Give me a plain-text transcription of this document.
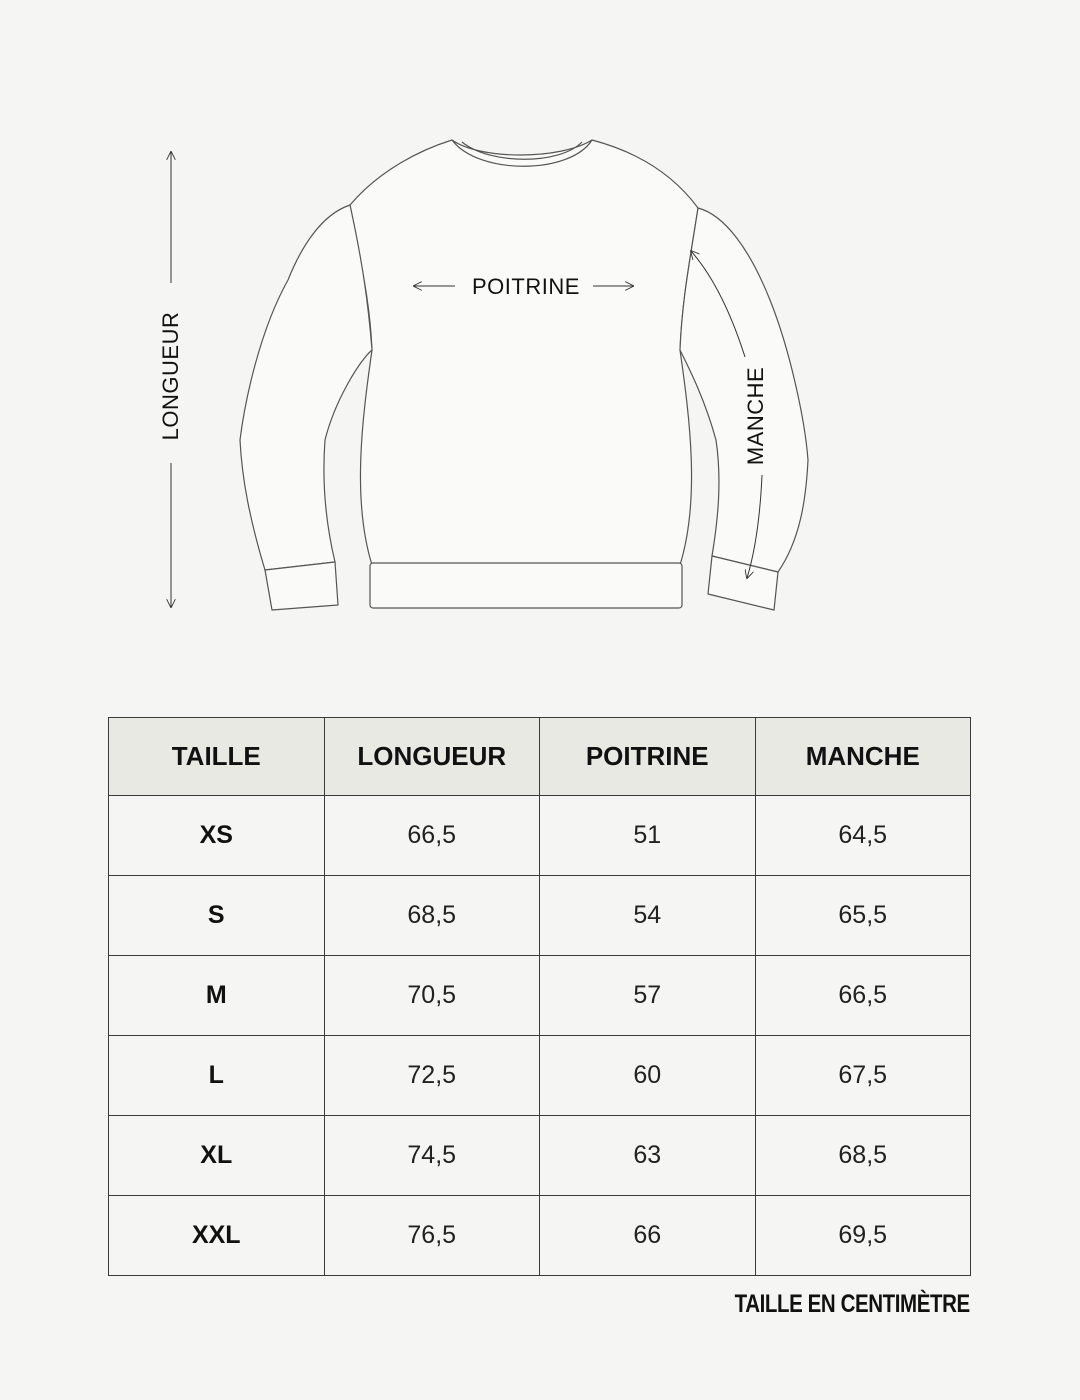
POITRINE
LONGUEUR	MANCHE
TAILLE	LONGUEUR	POITRINE	MANCHE
XS	66,5	51	64,5
S	68,5	54	65,5
M	70,5	57	66,5
L	72,5	60	67,5
XL	74,5	63	68,5
XXL	76,5	66	69,5
TAILLE EN CENTIMÈTRE
